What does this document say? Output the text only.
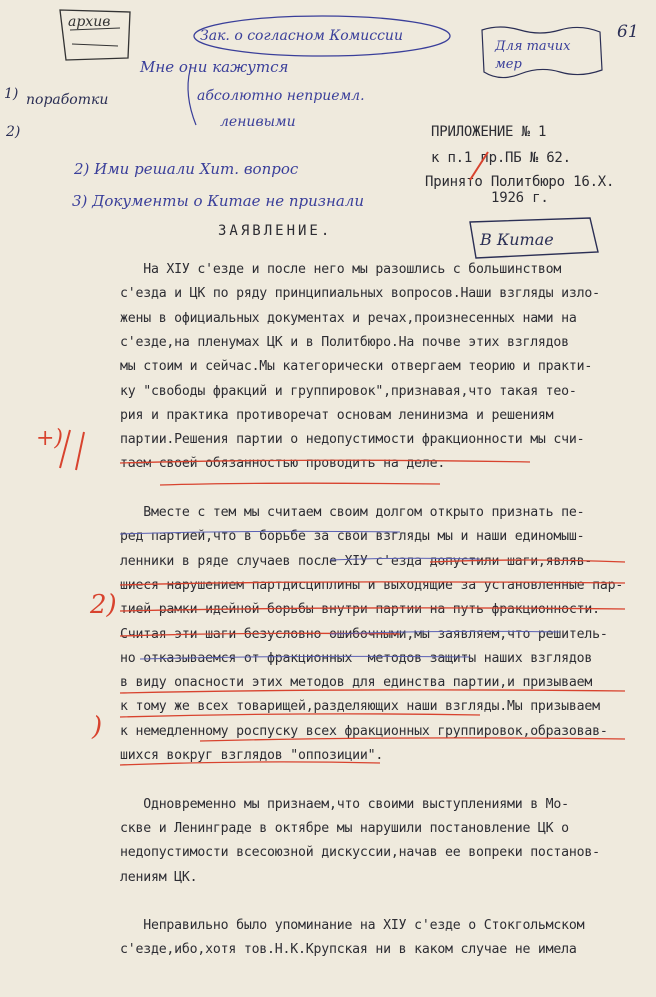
61
ПРИЛОЖЕНИЕ № 1
к п.1 пр.ПБ № 62.
Принято Политбюро 16.Х.
1926 г.
ЗАЯВЛЕНИЕ.
На ХIУ с'езде и после него мы разошлись с большинством
с'езда и ЦК по ряду принципиальных вопросов.Наши взгляды изло-
жены в официальных документах и речах,произнесенных нами на
с'езде,на пленумах ЦК и в Политбюро.На почве этих взглядов
мы стоим и сейчас.Мы категорически отвергаем теорию и практи-
ку "свободы фракций и группировок",признавая,что такая тео-
рия и практика противоречат основам ленинизма и решениям
партии.Решения партии о недопустимости фракционности мы счи-
таем своей обязанностью проводить на деле.
Вместе с тем мы считаем своим долгом открыто признать пе-
ред партией,что в борьбе за свои взгляды мы и наши единомыш-
ленники в ряде случаев после ХIУ с'езда допустили шаги,являв-
шиеся нарушением партдисциплины и выходящие за установленные пар-
тией рамки идейной борьбы внутри партии на путь фракционности.
Считая эти шаги безусловно ошибочными,мы заявляем,что решитель-
но отказываемся от фракционных  методов защиты наших взглядов
в виду опасности этих методов для единства партии,и призываем
к тому же всех товарищей,разделяющих наши взгляды.Мы призываем
к немедленному роспуску всех фракционных группировок,образовав-
шихся вокруг взглядов "оппозиции".
Одновременно мы признаем,что своими выступлениями в Мо-
скве и Ленинграде в октябре мы нарушили постановление ЦК о
недопустимости всесоюзной дискуссии,начав ее вопреки постанов-
лениям ЦК.
Неправильно было упоминание на ХIУ с'езде о Стокгольмском
с'езде,ибо,хотя тов.Н.К.Крупская ни в каком случае не имела
архив
Зак. о согласном Комиссии
Для тачих мер
Мне они кажутся
абсолютно неприемл.
ленивыми
1) поработки
2)
2) Ими решали Хит. вопрос
3) Документы о Китае не признали
В Китае
+)
2)
)
